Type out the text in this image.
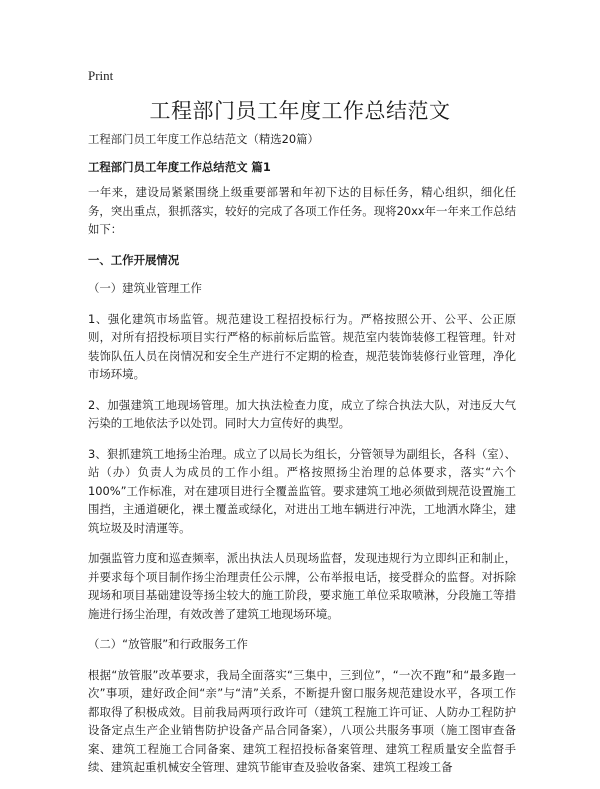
Print
工程部门员工年度工作总结范文

工程部门员工年度工作总结范文（精选20篇）

工程部门员工年度工作总结范文 篇1

一年来，建设局紧紧围绕上级重要部署和年初下达的目标任务，精心组织，细化任务，突出重点，狠抓落实，较好的完成了各项工作任务。现将20xx年一年来工作总结如下：

一、工作开展情况

（一）建筑业管理工作

1、强化建筑市场监管。规范建设工程招投标行为。严格按照公开、公平、公正原则，对所有招投标项目实行严格的标前标后监管。规范室内装饰装修工程管理。针对装饰队伍人员在岗情况和安全生产进行不定期的检查，规范装饰装修行业管理，净化市场环境。

2、加强建筑工地现场管理。加大执法检查力度，成立了综合执法大队，对违反大气污染的工地依法予以处罚。同时大力宣传好的典型。

3、狠抓建筑工地扬尘治理。成立了以局长为组长，分管领导为副组长，各科（室）、站（办）负责人为成员的工作小组。严格按照扬尘治理的总体要求，落实“六个100%”工作标准，对在建项目进行全覆盖监管。要求建筑工地必须做到规范设置施工围挡，主通道硬化，裸土覆盖或绿化，对进出工地车辆进行冲洗，工地洒水降尘，建筑垃圾及时清運等。

加强监管力度和巡查频率，派出执法人员现场监督，发现违规行为立即纠正和制止，并要求每个项目制作扬尘治理责任公示牌，公布举报电话，接受群众的监督。对拆除现场和项目基础建设等扬尘较大的施工阶段，要求施工单位采取喷淋，分段施工等措施进行扬尘治理，有效改善了建筑工地现场环境。

（二）“放管服”和行政服务工作

根据“放管服”改革要求，我局全面落实“三集中，三到位”，“一次不跑”和“最多跑一次”事项，建好政企间“亲”与“清”关系，不断提升窗口服务规范建设水平，各项工作都取得了积极成效。目前我局两项行政许可（建筑工程施工许可证、人防办工程防护设备定点生产企业销售防护设备产品合同备案），八项公共服务事项（施工图审查备案、建筑工程施工合同备案、建筑工程招投标备案管理、建筑工程质量安全监督手续、建筑起重机械安全管理、建筑节能审查及验收备案、建筑工程竣工备
